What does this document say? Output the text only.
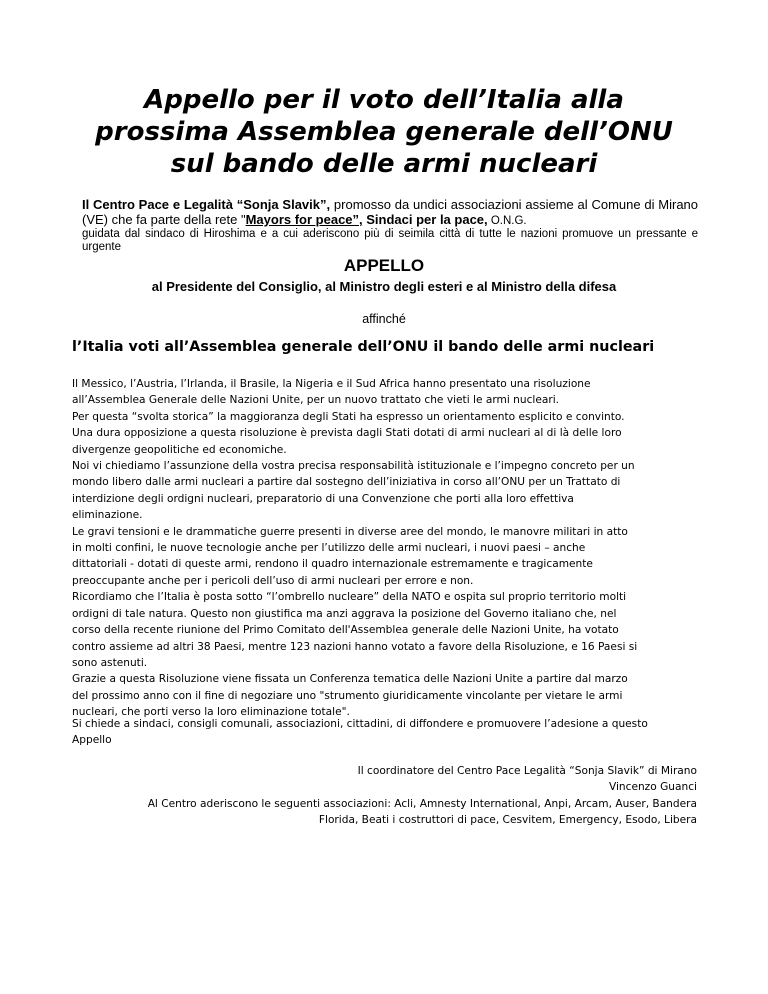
Appello per il voto dell’Italia alla
prossima Assemblea generale dell’ONU
sul bando delle armi nucleari
Il Centro Pace e Legalità “Sonja Slavik”, promosso da undici associazioni assieme al Comune di Mirano (VE) che fa parte della rete "Mayors for peace”, Sindaci per la pace, O.N.G.
guidata dal sindaco di Hiroshima e a cui aderiscono più di seimila città di tutte le nazioni promuove un pressante e urgente
APPELLO
al Presidente del Consiglio, al Ministro degli esteri e al Ministro della difesa
affinché
l’Italia voti all’Assemblea generale dell’ONU il bando delle armi nucleari
Il Messico, l’Austria, l’Irlanda, il Brasile, la Nigeria e il Sud Africa hanno presentato una risoluzione
all’Assemblea Generale delle Nazioni Unite, per un nuovo trattato che vieti le armi nucleari.
Per questa “svolta storica” la maggioranza degli Stati ha espresso un orientamento esplicito e convinto.
Una dura opposizione a questa risoluzione è prevista dagli Stati dotati di armi nucleari al di là delle loro
divergenze geopolitiche ed economiche.
Noi vi chiediamo l’assunzione della vostra precisa responsabilità istituzionale e l’impegno concreto per un
mondo libero dalle armi nucleari a partire dal sostegno dell’iniziativa in corso all’ONU per un Trattato di
interdizione degli ordigni nucleari, preparatorio di una Convenzione che porti alla loro effettiva
eliminazione.
Le gravi tensioni e le drammatiche guerre presenti in diverse aree del mondo, le manovre militari in atto
in molti confini, le nuove tecnologie anche per l’utilizzo delle armi nucleari, i nuovi paesi – anche
dittatoriali - dotati di queste armi, rendono il quadro internazionale estremamente e tragicamente
preoccupante anche per i pericoli dell’uso di armi nucleari per errore e non.
Ricordiamo che l’Italia è posta sotto “l’ombrello nucleare” della NATO e ospita sul proprio territorio molti
ordigni di tale natura. Questo non giustifica ma anzi aggrava la posizione del Governo italiano che, nel
corso della recente riunione del Primo Comitato dell'Assemblea generale delle Nazioni Unite, ha votato
contro assieme ad altri 38 Paesi, mentre 123 nazioni hanno votato a favore della Risoluzione, e 16 Paesi si
sono astenuti.
Grazie a questa Risoluzione viene fissata un Conferenza tematica delle Nazioni Unite a partire dal marzo
del prossimo anno con il fine di negoziare uno "strumento giuridicamente vincolante per vietare le armi
nucleari, che porti verso la loro eliminazione totale".
Si chiede a sindaci, consigli comunali, associazioni, cittadini, di diffondere e promuovere l’adesione a questo
Appello
Il coordinatore del Centro Pace Legalità “Sonja Slavik” di Mirano
Vincenzo Guanci
Al Centro aderiscono le seguenti associazioni: Acli, Amnesty International, Anpi, Arcam, Auser, Bandera
Florida, Beati i costruttori di pace, Cesvitem, Emergency, Esodo, Libera
